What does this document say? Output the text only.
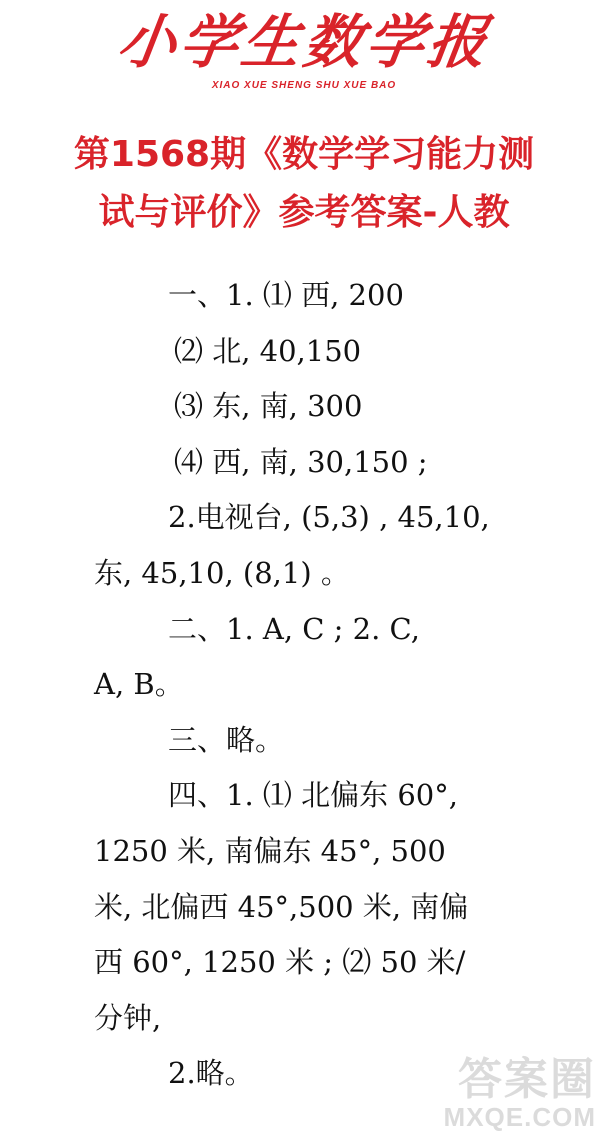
小学生数学报
XIAO XUE SHENG SHU XUE BAO
第1568期《数学学习能力测
试与评价》参考答案-人教
一、1. ⑴ 西, 200
⑵ 北, 40,150
⑶ 东, 南, 300
⑷ 西, 南, 30,150 ;
2.电视台, (5,3) , 45,10,
东, 45,10, (8,1) 。
二、1. A, C ; 2. C,
A, B。
三、略。
四、1. ⑴ 北偏东 60°,
1250 米, 南偏东 45°, 500
米, 北偏西 45°,500 米, 南偏
西 60°, 1250 米 ; ⑵ 50 米/
分钟,
2.略。	答案圈
MXQE.COM
